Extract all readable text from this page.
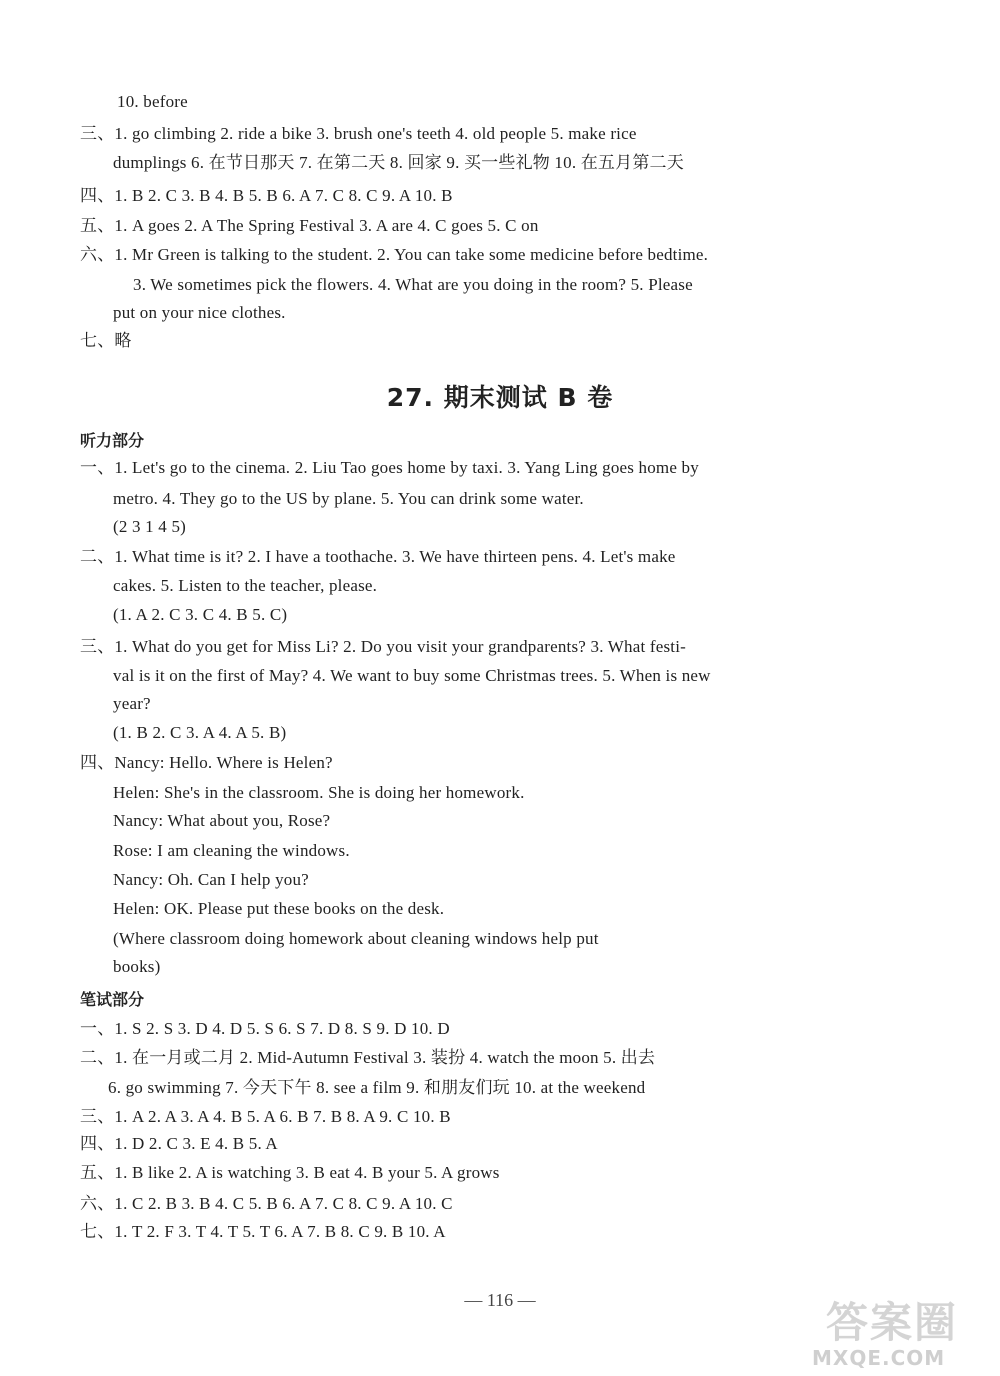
10. before
三、1. go climbing 2. ride a bike 3. brush one's teeth 4. old people 5. make rice
dumplings 6. 在节日那天 7. 在第二天 8. 回家 9. 买一些礼物 10. 在五月第二天
四、1. B 2. C 3. B 4. B 5. B 6. A 7. C 8. C 9. A 10. B
五、1. A goes 2. A The Spring Festival 3. A are 4. C goes 5. C on
六、1. Mr Green is talking to the student. 2. You can take some medicine before bedtime.
3. We sometimes pick the flowers. 4. What are you doing in the room? 5. Please
put on your nice clothes.
七、略
27. 期末测试 B 卷
听力部分
一、1. Let's go to the cinema. 2. Liu Tao goes home by taxi. 3. Yang Ling goes home by
metro. 4. They go to the US by plane. 5. You can drink some water.
(2 3 1 4 5)
二、1. What time is it? 2. I have a toothache. 3. We have thirteen pens. 4. Let's make
cakes. 5. Listen to the teacher, please.
(1. A 2. C 3. C 4. B 5. C)
三、1. What do you get for Miss Li? 2. Do you visit your grandparents? 3. What festi-
val is it on the first of May? 4. We want to buy some Christmas trees. 5. When is new
year?
(1. B 2. C 3. A 4. A 5. B)
四、Nancy: Hello. Where is Helen?
Helen: She's in the classroom. She is doing her homework.
Nancy: What about you, Rose?
Rose: I am cleaning the windows.
Nancy: Oh. Can I help you?
Helen: OK. Please put these books on the desk.
(Where classroom doing homework about cleaning windows help put
books)
笔试部分
一、1. S 2. S 3. D 4. D 5. S 6. S 7. D 8. S 9. D 10. D
二、1. 在一月或二月 2. Mid-Autumn Festival 3. 装扮 4. watch the moon 5. 出去
6. go swimming 7. 今天下午 8. see a film 9. 和朋友们玩 10. at the weekend
三、1. A 2. A 3. A 4. B 5. A 6. B 7. B 8. A 9. C 10. B
四、1. D 2. C 3. E 4. B 5. A
五、1. B like 2. A is watching 3. B eat 4. B your 5. A grows
六、1. C 2. B 3. B 4. C 5. B 6. A 7. C 8. C 9. A 10. C
七、1. T 2. F 3. T 4. T 5. T 6. A 7. B 8. C 9. B 10. A
— 116 —	答案圈
MXQE.COM
